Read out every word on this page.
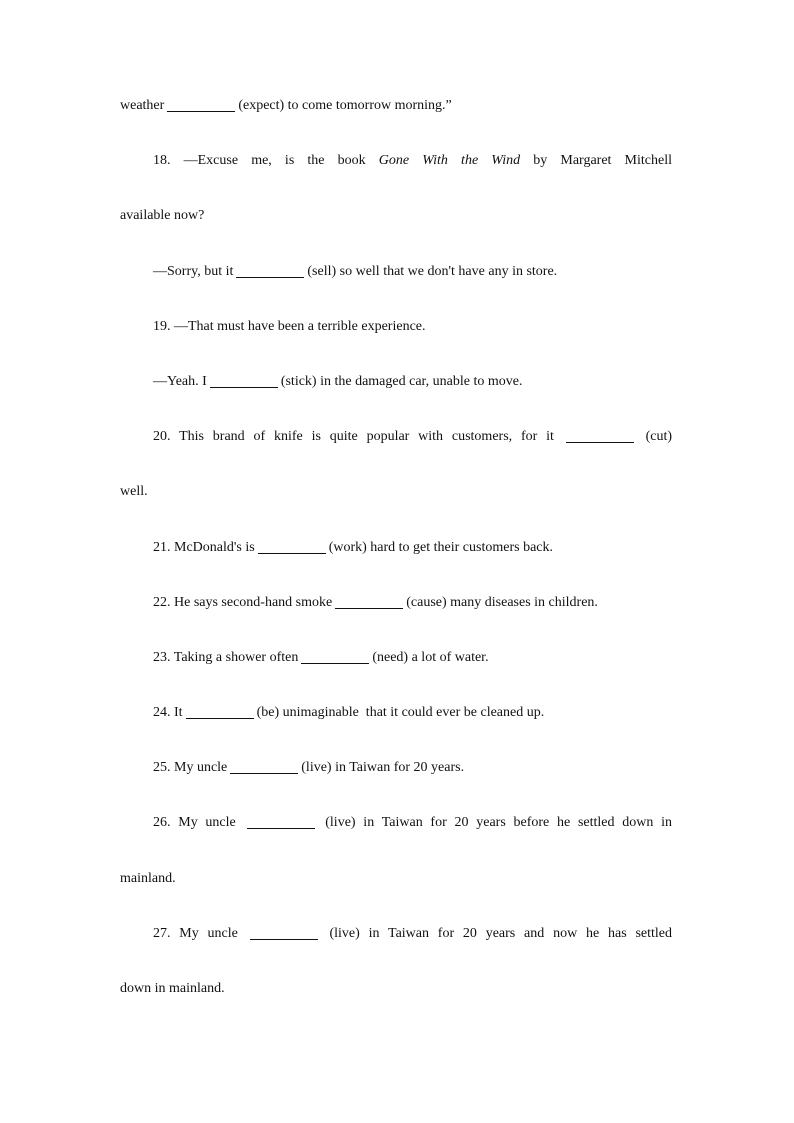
weather	(expect) to come tomorrow morning.”
18. —Excuse me, is the book Gone With the Wind by Margaret Mitchell
available now?
—Sorry, but it	(sell) so well that we don't have any in store.
19. —That must have been a terrible experience.
—Yeah. I	(stick) in the damaged car, unable to move.
20. This brand of knife is quite popular with customers, for it	(cut)
well.
21. McDonald's is	(work) hard to get their customers back.
22. He says second-hand smoke	(cause) many diseases in children.
23. Taking a shower often	(need) a lot of water.
24. It	(be) unimaginable  that it could ever be cleaned up.
25. My uncle	(live) in Taiwan for 20 years.
26. My uncle	(live) in Taiwan for 20 years before he settled down in
mainland.
27. My uncle	(live) in Taiwan for 20 years and now he has settled
down in mainland.
